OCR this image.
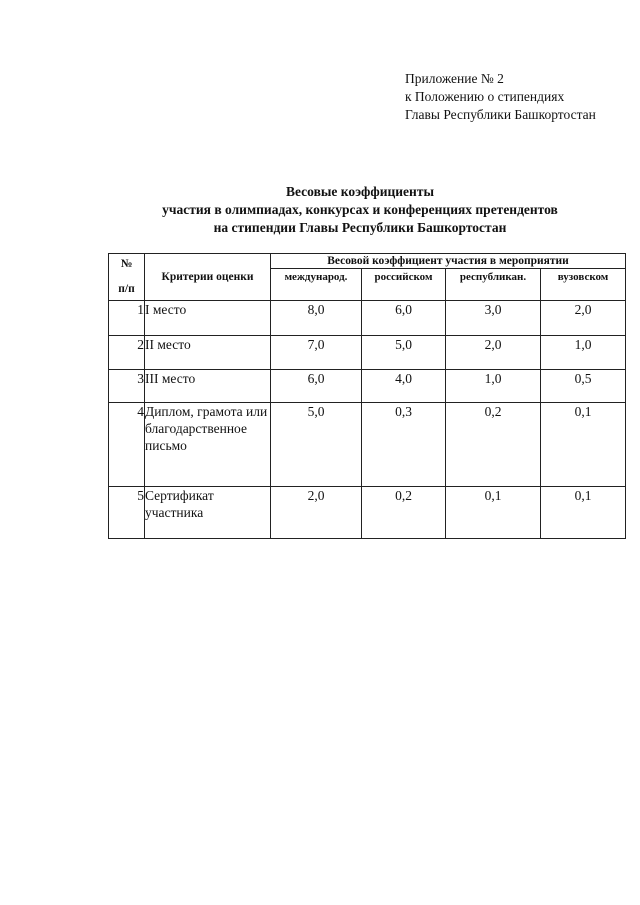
Приложение № 2
к Положению о стипендиях
Главы Республики Башкортостан
Весовые коэффициенты
участия в олимпиадах, конкурсах и конференциях претендентов
на стипендии Главы Республики Башкортостан
№
п/п	Критерии оценки	Весовой коэффициент участия в мероприятии			
		международ.	российском	республикан.	вузовском
1	I место	8,0	6,0	3,0	2,0
2	II место	7,0	5,0	2,0	1,0
3	III место	6,0	4,0	1,0	0,5
4	Диплом, грамота или благодарственное письмо	5,0	0,3	0,2	0,1
5	Сертификат участника	2,0	0,2	0,1	0,1
